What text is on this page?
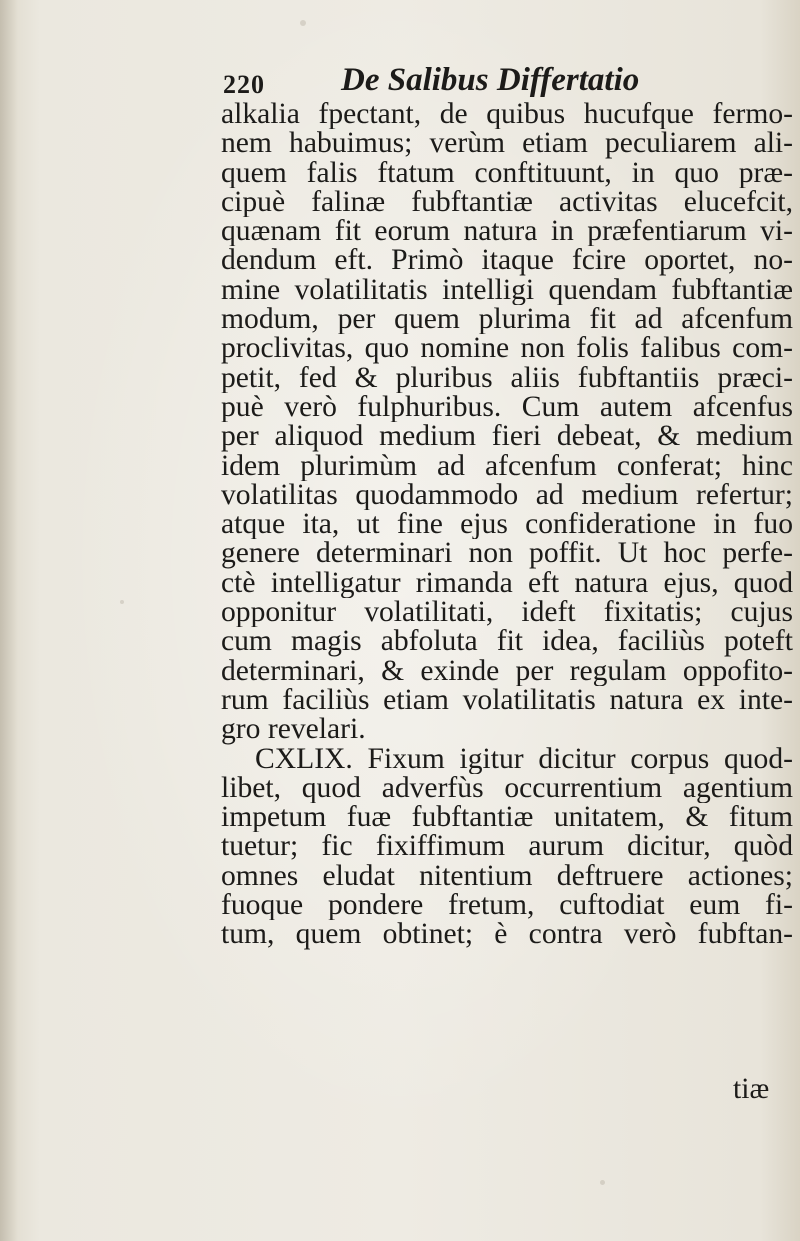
220 De Salibus Differtatio
alkalia fpectant, de quibus hucufque fermo-
nem habuimus; verùm etiam peculiarem ali-
quem falis ftatum conftituunt, in quo præ-
cipuè falinæ fubftantiæ activitas elucefcit,
quænam fit eorum natura in præfentiarum vi-
dendum eft. Primò itaque fcire oportet, no-
mine volatilitatis intelligi quendam fubftantiæ
modum, per quem plurima fit ad afcenfum
proclivitas, quo nomine non folis falibus com-
petit, fed & pluribus aliis fubftantiis præci-
puè verò fulphuribus. Cum autem afcenfus
per aliquod medium fieri debeat, & medium
idem plurimùm ad afcenfum conferat; hinc
volatilitas quodammodo ad medium refertur;
atque ita, ut fine ejus confideratione in fuo
genere determinari non poffit. Ut hoc perfe-
ctè intelligatur rimanda eft natura ejus, quod
opponitur volatilitati, ideft fixitatis; cujus
cum magis abfoluta fit idea, faciliùs poteft
determinari, & exinde per regulam oppofito-
rum faciliùs etiam volatilitatis natura ex inte-
gro revelari.
CXLIX. Fixum igitur dicitur corpus quod-
libet, quod adverfùs occurrentium agentium
impetum fuæ fubftantiæ unitatem, & fitum
tuetur; fic fixiffimum aurum dicitur, quòd
omnes eludat nitentium deftruere actiones;
fuoque pondere fretum, cuftodiat eum fi-
tum, quem obtinet; è contra verò fubftan-
tiæ
